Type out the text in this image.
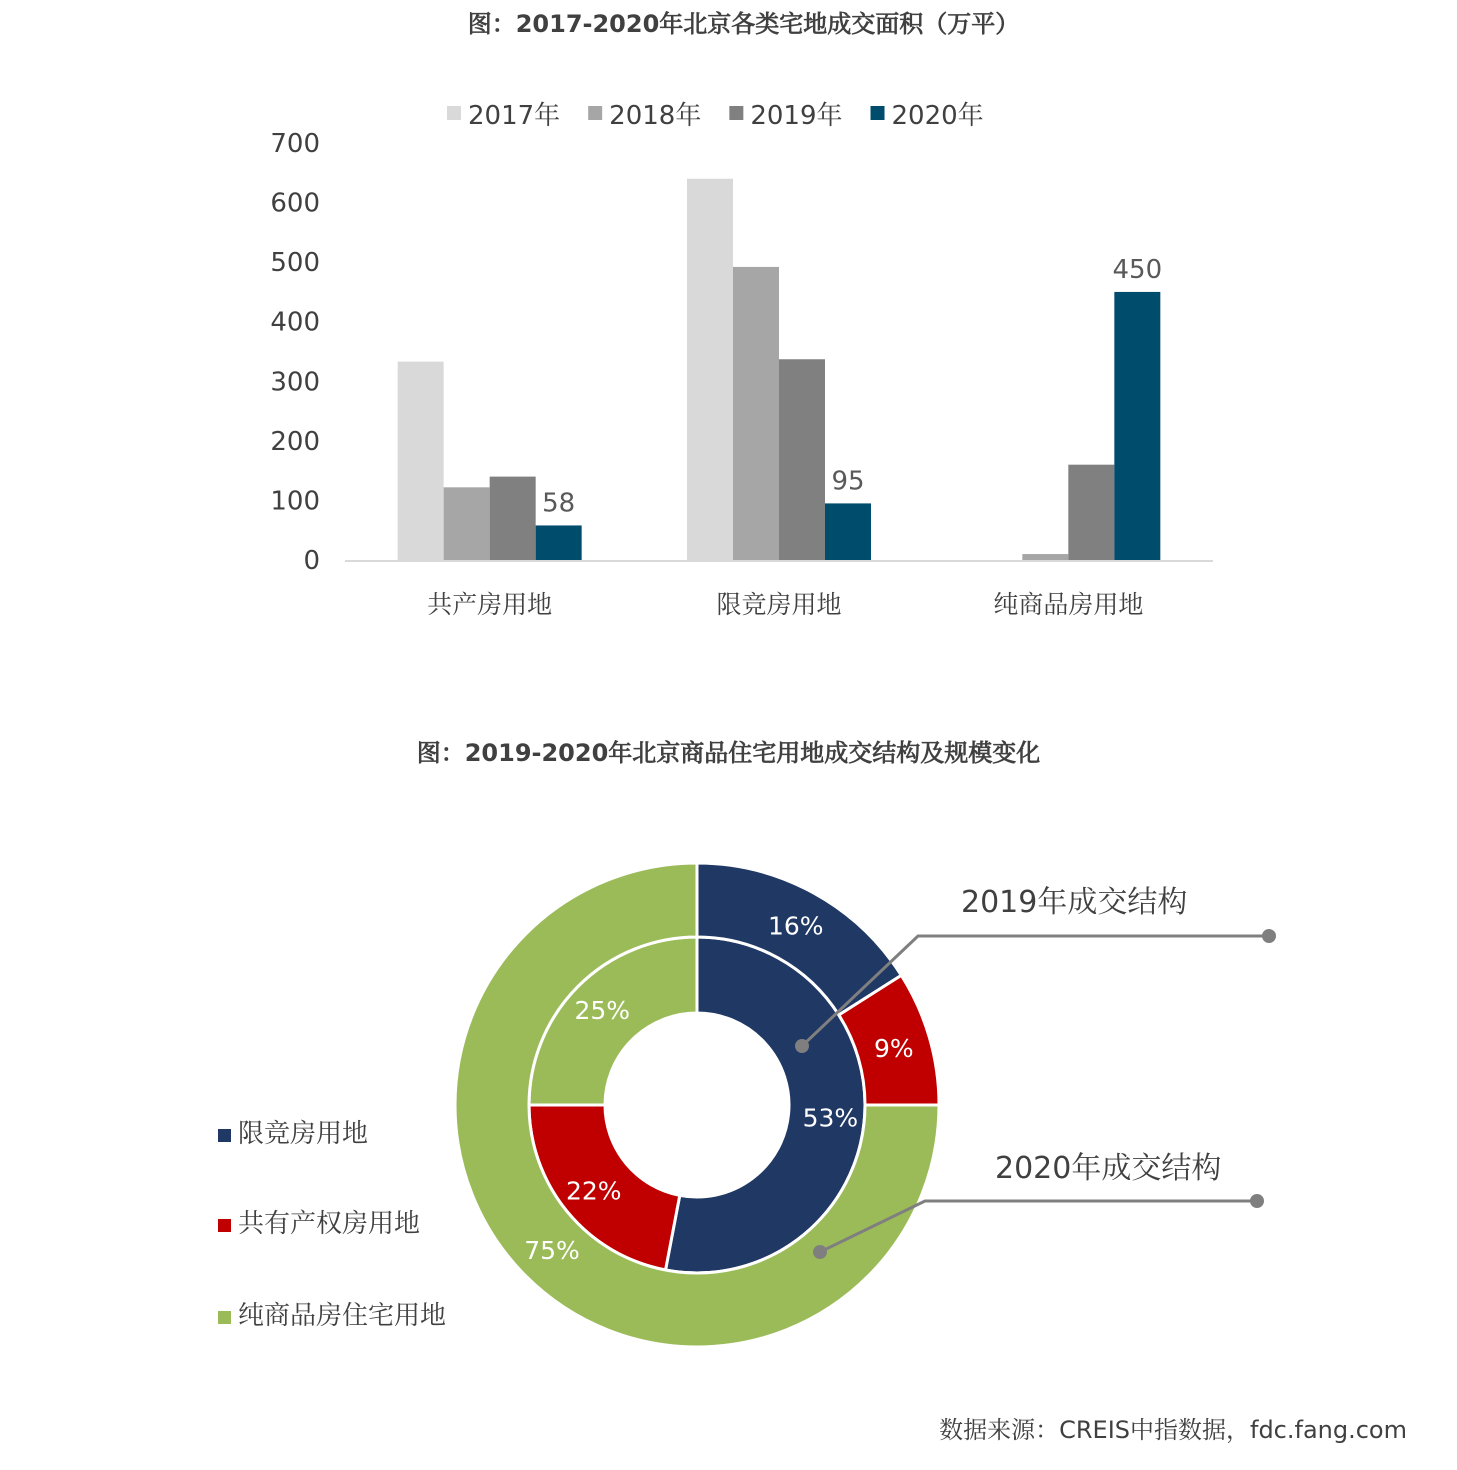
图：2017-2020年北京各类宅地成交面积（万平）
0
100
200
300
400
500
600
700
58
95
450
共产房用地	限竞房用地	纯商品房用地
2017年 2018年 2019年 2020年
图：2019-2020年北京商品住宅用地成交结构及规模变化
53%
22%
25%
16%
9%
75%
2019年成交结构
2020年成交结构
限竞房用地
共有产权房用地
纯商品房住宅用地
数据来源：CREIS中指数据，fdc.fang.com
